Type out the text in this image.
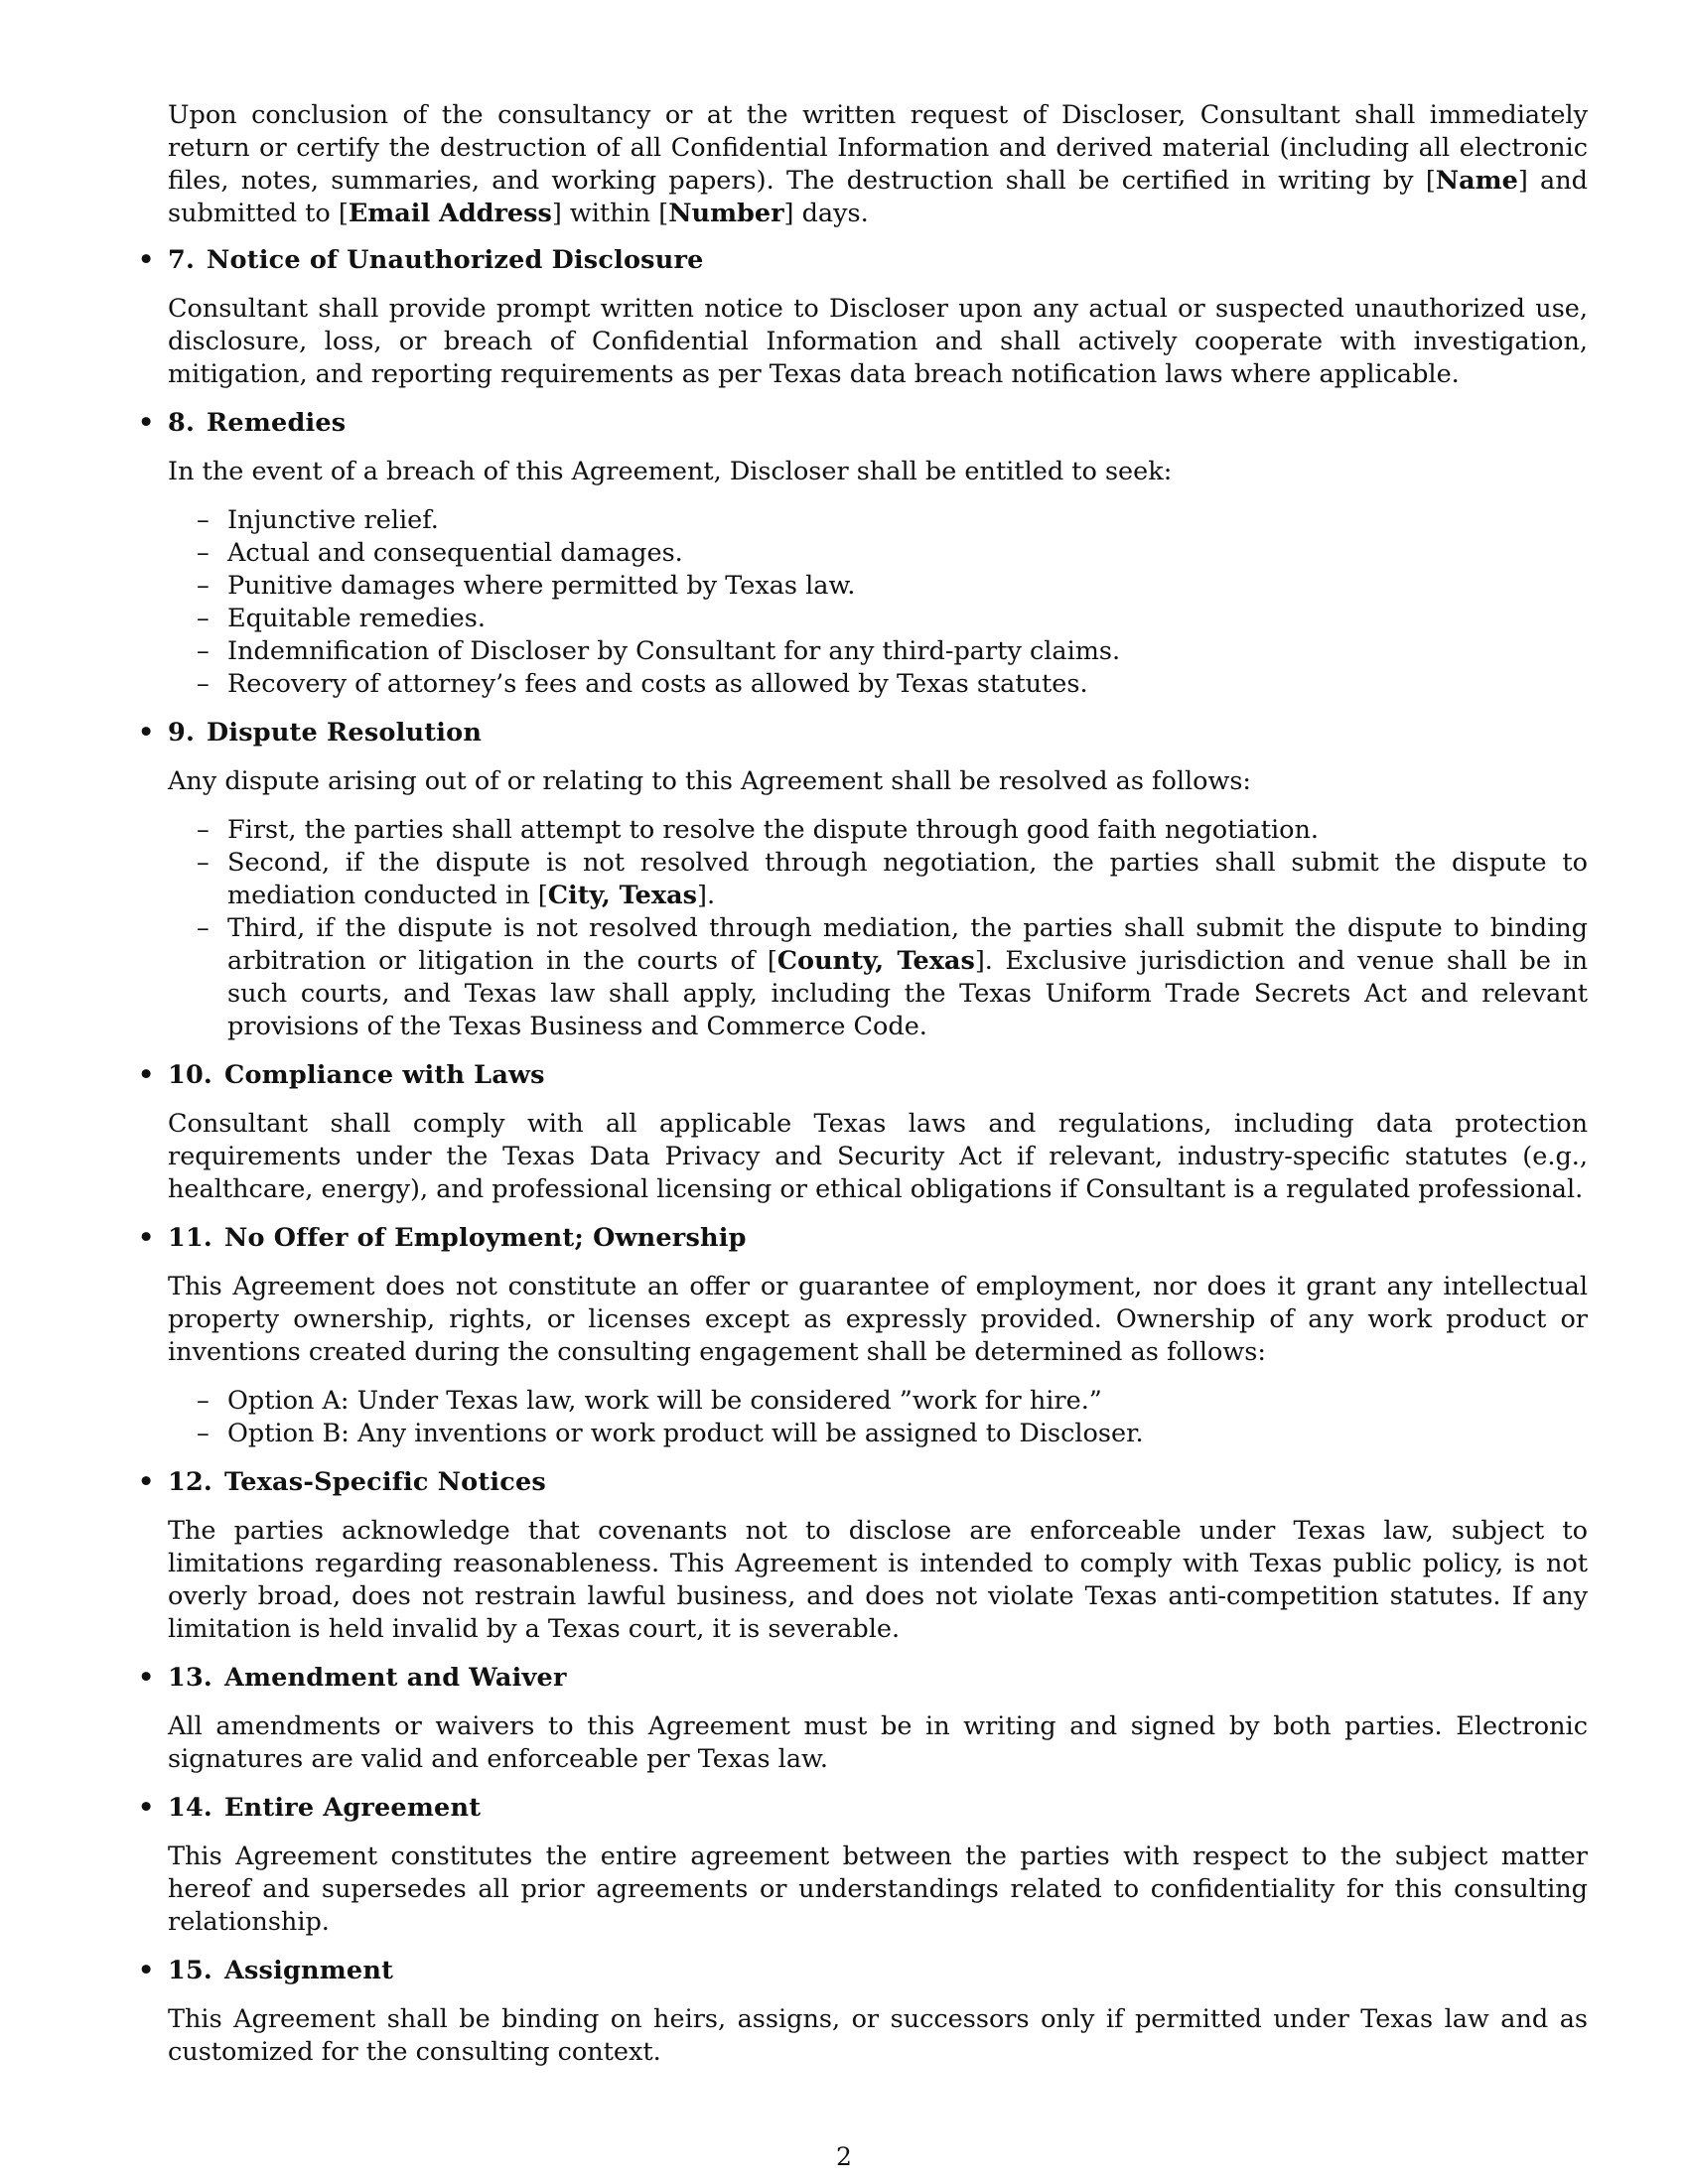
Upon conclusion of the consultancy or at the written request of Discloser, Consultant shall immediately return or certify the destruction of all Confidential Information and derived material (including all electronic files, notes, summaries, and working papers). The destruction shall be certified in writing by [Name] and submitted to [Email Address] within [Number] days.

• 7. Notice of Unauthorized Disclosure

Consultant shall provide prompt written notice to Discloser upon any actual or suspected unauthorized use, disclosure, loss, or breach of Confidential Information and shall actively cooperate with investigation, mitigation, and reporting requirements as per Texas data breach notification laws where applicable.

• 8. Remedies

In the event of a breach of this Agreement, Discloser shall be entitled to seek:

– Injunctive relief.
– Actual and consequential damages.
– Punitive damages where permitted by Texas law.
– Equitable remedies.
– Indemnification of Discloser by Consultant for any third-party claims.
– Recovery of attorney’s fees and costs as allowed by Texas statutes.
• 9. Dispute Resolution

Any dispute arising out of or relating to this Agreement shall be resolved as follows:

– First, the parties shall attempt to resolve the dispute through good faith negotiation.
– Second, if the dispute is not resolved through negotiation, the parties shall submit the dispute to mediation conducted in [City, Texas].
– Third, if the dispute is not resolved through mediation, the parties shall submit the dispute to binding arbitration or litigation in the courts of [County, Texas]. Exclusive jurisdiction and venue shall be in such courts, and Texas law shall apply, including the Texas Uniform Trade Secrets Act and relevant provisions of the Texas Business and Commerce Code.
• 10. Compliance with Laws

Consultant shall comply with all applicable Texas laws and regulations, including data protection requirements under the Texas Data Privacy and Security Act if relevant, industry-specific statutes (e.g., healthcare, energy), and professional licensing or ethical obligations if Consultant is a regulated professional.

• 11. No Offer of Employment; Ownership

This Agreement does not constitute an offer or guarantee of employment, nor does it grant any intellectual property ownership, rights, or licenses except as expressly provided. Ownership of any work product or inventions created during the consulting engagement shall be determined as follows:

– Option A: Under Texas law, work will be considered ”work for hire.”
– Option B: Any inventions or work product will be assigned to Discloser.
• 12. Texas-Specific Notices

The parties acknowledge that covenants not to disclose are enforceable under Texas law, subject to limitations regarding reasonableness. This Agreement is intended to comply with Texas public policy, is not overly broad, does not restrain lawful business, and does not violate Texas anti-competition statutes. If any limitation is held invalid by a Texas court, it is severable.

• 13. Amendment and Waiver

All amendments or waivers to this Agreement must be in writing and signed by both parties. Electronic signatures are valid and enforceable per Texas law.

• 14. Entire Agreement

This Agreement constitutes the entire agreement between the parties with respect to the subject matter hereof and supersedes all prior agreements or understandings related to confidentiality for this consulting relationship.

• 15. Assignment

This Agreement shall be binding on heirs, assigns, or successors only if permitted under Texas law and as customized for the consulting context.

2
